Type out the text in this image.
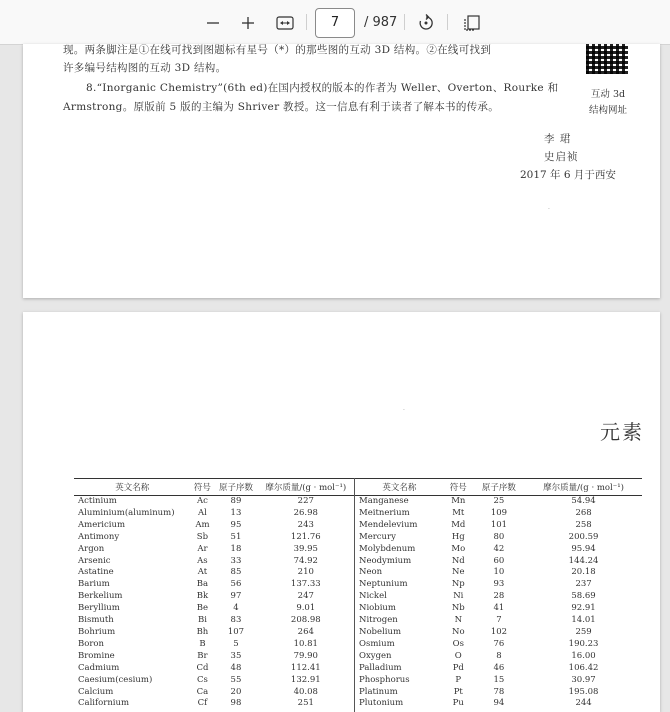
7	/ 987
现。两条脚注是①在线可找到图题标有星号（*）的那些图的互动 3D 结构。②在线可找到
许多编号结构图的互动 3D 结构。
8.“Inorganic Chemistry”(6th ed)在国内授权的版本的作者为 Weller、Overton、Rourke 和
Armstrong。原版前 5 版的主编为 Shriver 教授。这一信息有利于读者了解本书的传承。
互动 3d
结构网址
李 珺
史启祯
2017 年 6 月于西安
·
·
元素
英文名称	符号	原子序数	摩尔质量/(g · mol⁻¹)
Actinium	Ac	89	227
Aluminium(aluminum)	Al	13	26.98
Americium	Am	95	243
Antimony	Sb	51	121.76
Argon	Ar	18	39.95
Arsenic	As	33	74.92
Astatine	At	85	210
Barium	Ba	56	137.33
Berkelium	Bk	97	247
Beryllium	Be	4	9.01
Bismuth	Bi	83	208.98
Bohrium	Bh	107	264
Boron	B	5	10.81
Bromine	Br	35	79.90
Cadmium	Cd	48	112.41
Caesium(cesium)	Cs	55	132.91
Calcium	Ca	20	40.08
Californium	Cf	98	251
英文名称	符号	原子序数	摩尔质量/(g · mol⁻¹)
Manganese	Mn	25	54.94
Meitnerium	Mt	109	268
Mendelevium	Md	101	258
Mercury	Hg	80	200.59
Molybdenum	Mo	42	95.94
Neodymium	Nd	60	144.24
Neon	Ne	10	20.18
Neptunium	Np	93	237
Nickel	Ni	28	58.69
Niobium	Nb	41	92.91
Nitrogen	N	7	14.01
Nobelium	No	102	259
Osmium	Os	76	190.23
Oxygen	O	8	16.00
Palladium	Pd	46	106.42
Phosphorus	P	15	30.97
Platinum	Pt	78	195.08
Plutonium	Pu	94	244
